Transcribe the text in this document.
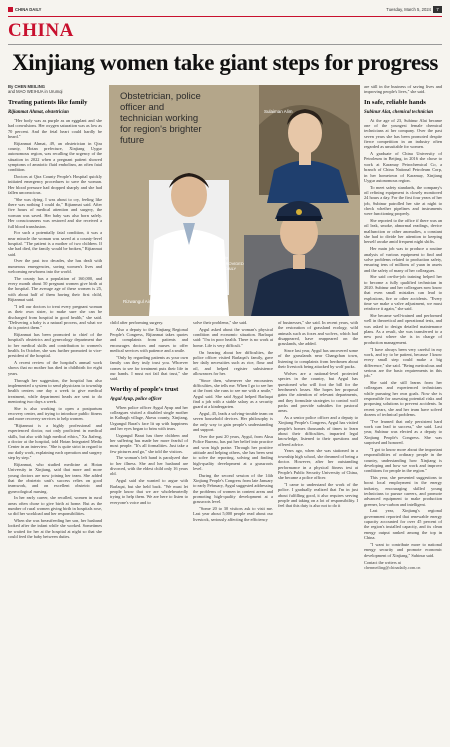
CHINA DAILY	Tuesday, March 5, 2024	7
CHINA
Xinjiang women take giant steps for progress
Sulaiman Alim
Rizwangul Aimaiti
Aygul Abduly
PHOTOS PROVIDED TO CHINA DAILY
Obstetrician, police officer and technician working for region's brighter future
By CHEN MEILING
and MAO WEIHUA in Urumqi
Treating patients like family
Rijianmat Ahmat, obstetrician

"Her body was as purple as an eggplant and she had convulsions. Her oxygen saturation was as low as 70 percent. And the fetal heart could hardly be heard."

Rijianmat Ahmat, 49, an obstetrician in Qira county, Hotan prefecture, Xinjiang Uygur autonomous region, was recalling the urgency of the situation in 2022 when a pregnant patient showed symptoms of amniotic fluid embolism, an often fatal condition.

Doctors at Qira County People's Hospital quickly initiated emergency procedures to save the woman. Her blood pressure had dropped sharply and she had fallen unconscious.

"She was dying. I was about to cry, feeling like there was nothing I could do," Rijianmat said. After five hours of medical attention and surgery, the woman was saved. Her baby was also born safely. Her consciousness was restored and she received a full blood transfusion.

For such a potentially fatal condition, it was a near miracle the woman was saved at a county-level hospital. "The patient is a mother of two children. If she had died, the family would be broken," Rijianmat said.

Over the past two decades, she has dealt with numerous emergencies, saving women's lives and welcoming newborns into the world.

The county has a population of 160,000, and every month about 50 pregnant women give birth at the hospital. The average age of these women is 25, with about half of them having their first child, Rijianmat said.

"I tell our doctors to treat every pregnant woman as their own sister, to make sure she can be discharged from hospital in good health," she said. "Delivering a baby is a natural process, and what we do is protect them."

Rijianmat has been promoted to chief of the hospital's obstetrics and gynecology department due to her medical skills and contribution to women's health. In October, she was further promoted to vice-president of the hospital.

A recent review of the hospital's annual work shows that no mother has died in childbirth for eight years.

Through her suggestion, the hospital has also implemented a system to send physicians to township health centers one day a week to give medical treatment, while department heads are sent to do mentoring two days a week.

She is also working to open a postpartum recovery center, and trying to introduce public fitness and more recovery services to help women.

"Rijianmat is a highly professional and experienced doctor, not only proficient in medical skills, but also with high medical ethics," Xu Jiafeng, a doctor at the hospital, told Hotan Integrated Media Center in an interview. "She is quite strict in regard to our daily work, explaining each operation and surgery step by step."

Rijianmat, who studied medicine at Hotan University in Xinjiang, said that more and more young doctors are now joining her team. She added that the obstetric unit's success relies on good teamwork, and on excellent obstetric and gynecological nursing.

In her early career, she recalled, women in rural areas often chose to give birth at home. But as the number of rural women giving birth in hospitals rose, so did her workload and her responsibilities.

When she was breastfeeding her son, her husband looked after the infant while she worked. Sometimes he waited for her at the hospital at night so that she could feed the baby between duties.

child after performing surgery.

Also a deputy to the Xinjiang Regional People's Congress, Rijianmat takes quotes and complaints from patients and encourages doctors and nurses to offer medical services with patience and a smile.

"Only by regarding patients as your own family can they truly trust you. Whoever comes to see for treatment puts their life in our hands. I must not fail that trust," she said.

Worthy of people's trust
Aygul Ayup, police officer

When police officer Aygul Ayup and her colleagues visited a disabled single mother in Kalbagh village, Akesu county, Xinjiang, Urgungul Barat's face lit up with happiness and her eyes began to brim with tears.

Urgungul Barat has three children and her suffering has made her more fearful of most people. "It's all formalities. Just take a few pictures and go," she told the visitors.

The woman's left hand is paralyzed due to her illness. She and her husband are divorced, with the eldest child only 16 years old.

Aygul said she wanted to argue with Barlaqat, but she held back. "We must let people know that we are wholeheartedly trying to help them. We are here to listen to everyone's voice and to

solve their problems," she said.

Aygul asked about the woman's physical condition and economic situation. Barlaqat said: "I'm in poor health. There is no work at home. Life is very difficult."

On hearing about her difficulties, the police officer visited Barlaqat's family, gave her daily necessities such as rice, flour and oil, and helped register subsistence allowances for her.

"Since then, whenever she encounters difficulties, she tells me. When I go to see her at the front she runs to see me with a smile," Aygul said. She said Aygul helped Barlaqat find a job with a stable salary as a security guard at a kindergarten.

Aygul, 45, leads a solving-trouble team on seven household devices. Her philosophy is the only way to gain people's understanding and support.

Over the past 20 years, Aygul, from Aksu Police Bureau, has put her belief into practice and won high praise. Through her positive attitude and helping others, she has been sent to solve the reporting, solving and finding high-quality development at a grassroots level.

During the second session of the 14th Xinjiang People's Congress from late January to early February, Aygul suggested addressing the problems of women in content areas and promoting high-quality development at a grassroots level.

"Some 20 to 30 visitors ask to visit me. Last year about 5,000 people read about our livestock, seriously affecting the efficiency

of businesses," she said. In recent years, with the restoration of grassland ecology, wild animals such as foxes and wolves, which had disappeared, have reappeared on the grasslands, she added.

Since last year, Aygul has uncovered some of the grasslands near Changchan town, listening to complaints from herdsmen about their livestock being attacked by wolf packs.

Wolves are a national-level protected species in the country, but Aygul has questioned who will foot the bill for the herdsmen's losses. She hopes her proposal gains the attention of relevant departments, and they formulate strategies to control wolf packs and provide subsidies for pastoral areas.

As a senior police officer and a deputy to Xinjiang People's Congress, Aygul has visited people's homes thousands of times to learn about their difficulties, imparted legal knowledge, listened to their questions and offered advice.

Years ago, when she was stationed in a township high school, she dreamed of being a doctor. However, after her outstanding performance in a physical fitness test at People's Public Security University of China, she became a police officer.

"I came to understand the work of the police. I gradually realized that I'm in just about fulfilling good, it also requires serving people and taking on a lot of responsibility. I feel that this duty is also not to do it

are still in the business of saving lives and improving people's lives," she said.

In safe, reliable hands
Subinur Alat, chemical technician

At the age of 23, Subinur Alat became one of the youngest female chemical technicians at her company. Over the past seven years she has been promoted despite fierce competition in an industry often regarded as unsuitable for women.

A graduate of China University of Petroleum in Beijing, in 2016 she chose to work at Karamay Petrochemical Co, a branch of China National Petroleum Corp, in her hometown of Karamay, Xinjiang Uygur autonomous region.

To meet safety standards, the company's oil refining equipment is closely monitored 24 hours a day. For the first four years of her job, Subinur patrolled her site at night to check whether pipelines and instruments were functioning properly.

She reported to the office if there was an oil leak, smoke, abnormal readings, device malfunction or other anomalies, a constant she had to divide her attention to keeping herself awake amid frequent night shifts.

Her main job was to produce a routine analysis of various equipment to find and solve problems related to production safety, ensuring tens of millions of yuan in assets and the safety of many of her colleagues.

She said on-the-job training helped her to become a fully qualified technician in 2020. Subinur and her colleagues now know that even small mistakes can lead to explosions, fire or other accidents. "Every time we make a valve adjustment, we must reinforce it again," she said.

She became well-trained and performed well in theoretical and operational tests, and was asked to design detailed maintenance plans. As a result, she was transferred to a new post where she is in charge of production management.

"I have always been very careful in my work, and try to be patient, because I know every small step could make a big difference," she said. "Being meticulous and serious are the basic requirements in this job."

She said she still learns from her colleagues and experienced technicians while pursuing her own goals. Now she is responsible for assessing potential risks and proposing solutions to prevent accidents. In recent years, she and her team have solved dozens of technical problems.

"I've learned that only persistent hard work can lead to success," she said. Last year, Subinur was elected as a deputy to Xinjiang People's Congress. She was surprised and honored.

"I got to know more about the important responsibilities of ordinary people in the country, understanding how Xinjiang is developing and how we work and improve conditions for people in the region."

This year, she presented suggestions to boost local employment in the energy industry, encouraging skilled young technicians to pursue careers, and promote advanced equipment to make production greener, low-carbon and intelligent.

Last year, Xinjiang's regional government reported that renewable energy capacity accounted for over 45 percent of the region's installed capacity, and its clean energy output ranked among the top in China.

"I want to contribute more to national energy security and promote economic development of Xinjiang," Subinur said.

Contact the writers at
chenmeiling@chinadaily.com.cn
